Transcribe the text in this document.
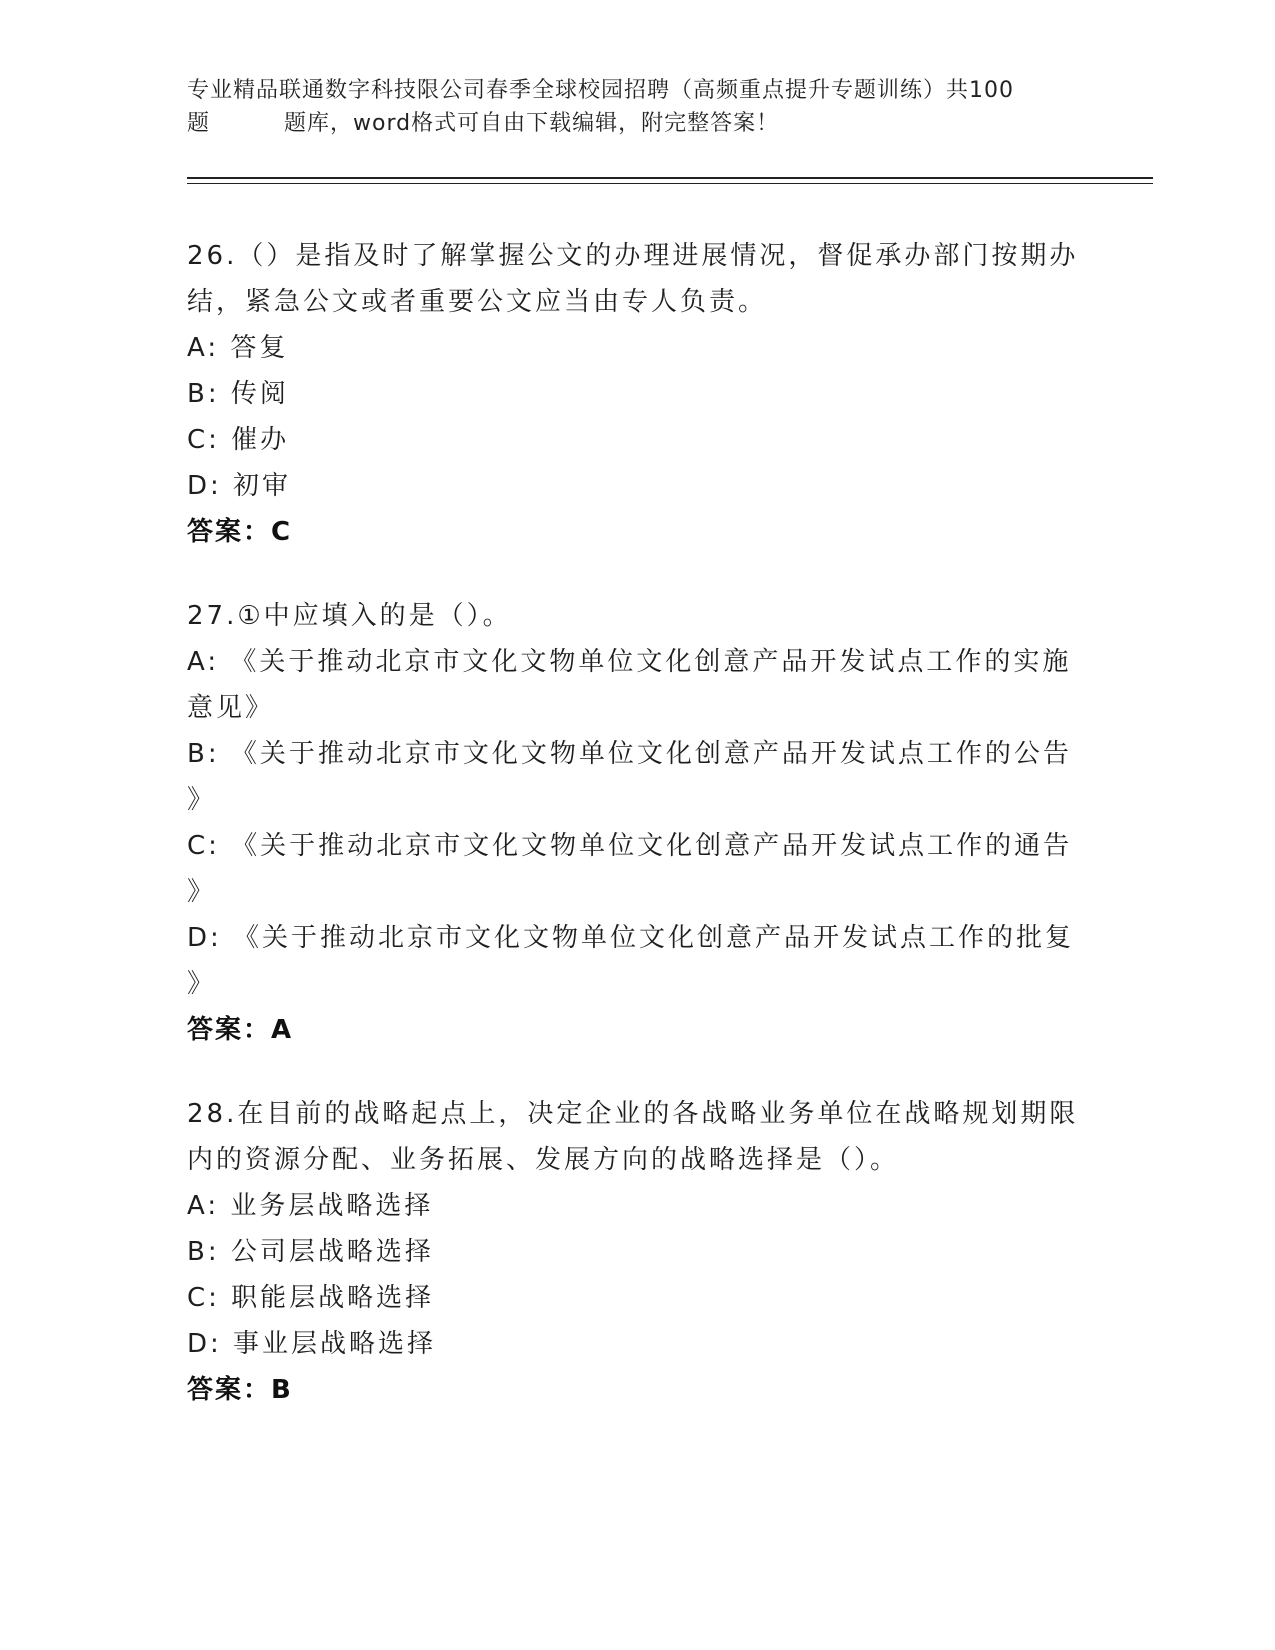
专业精品联通数字科技限公司春季全球校园招聘（高频重点提升专题训练）共100
题	题库，word格式可自由下载编辑，附完整答案！
26.（）是指及时了解掌握公文的办理进展情况，督促承办部门按期办
结，紧急公文或者重要公文应当由专人负责。
A: 答复
B: 传阅
C: 催办
D: 初审
答案：C
27.①中应填入的是（）。
A: 《关于推动北京市文化文物单位文化创意产品开发试点工作的实施
意见》
B: 《关于推动北京市文化文物单位文化创意产品开发试点工作的公告
》
C: 《关于推动北京市文化文物单位文化创意产品开发试点工作的通告
》
D: 《关于推动北京市文化文物单位文化创意产品开发试点工作的批复
》
答案：A
28.在目前的战略起点上，决定企业的各战略业务单位在战略规划期限
内的资源分配、业务拓展、发展方向的战略选择是（）。
A: 业务层战略选择
B: 公司层战略选择
C: 职能层战略选择
D: 事业层战略选择
答案：B
